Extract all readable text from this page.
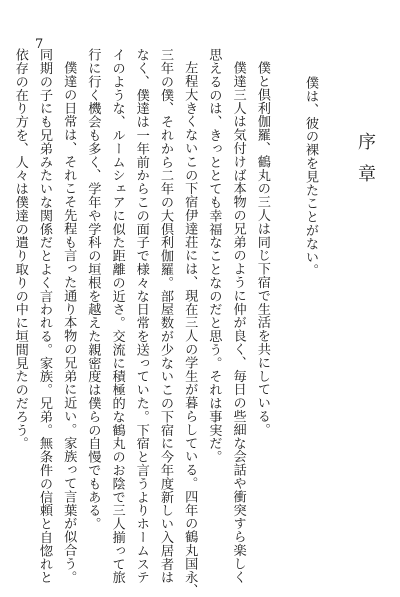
7
序章
僕は、彼の裸を見たことがない。
僕と倶利伽羅、鶴丸の三人は同じ下宿で生活を共にしている。
僕達三人は気付けば本物の兄弟のように仲が良く、毎日の些細な会話や衝突すら楽しく
思えるのは、きっととても幸福なことなのだと思う。それは事実だ。
左程大きくないこの下宿伊達荘には、現在三人の学生が暮らしている。四年の鶴丸国永、
三年の僕、それから二年の大倶利伽羅。部屋数が少ないこの下宿に今年度新しい入居者は
なく、僕達は一年前からこの面子で様々な日常を送っていた。下宿と言うよりホームステ
イのような、ルームシェアに似た距離の近さ。交流に積極的な鶴丸のお陰で三人揃って旅
行に行く機会も多く、学年や学科の垣根を越えた親密度は僕らの自慢でもある。
僕達の日常は、それこそ先程も言った通り本物の兄弟に近い。家族って言葉が似合う。
同期の子にも兄弟みたいな関係だとよく言われる。家族。兄弟。無条件の信頼と自惚れと
依存の在り方を、人々は僕達の遣り取りの中に垣間見たのだろう。
